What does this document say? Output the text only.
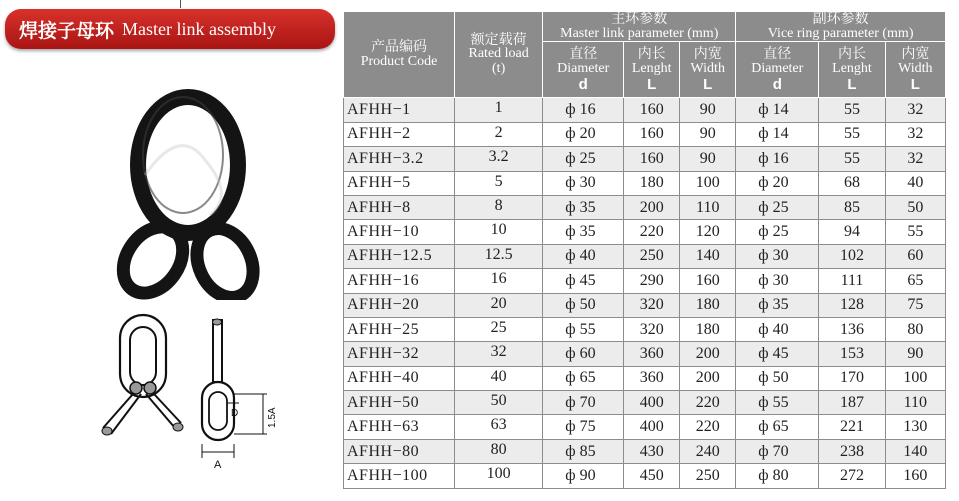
焊接子母环 Master link assembly
A
D	1.5A
产品编码
Product Code	额定载荷
Rated load
(t)	主环参数
Master link parameter (mm)			副环参数
Vice ring parameter (mm)		

		直径
Diameter
d	内长
Lenght
L	内宽
Width
L	直径
Diameter
d	内长
Lenght
L	内宽
Width
L

AFHH−1	1	ф 16	160	90	ф 14	55	32
AFHH−2	2	ф 20	160	90	ф 14	55	32
AFHH−3.2	3.2	ф 25	160	90	ф 16	55	32
AFHH−5	5	ф 30	180	100	ф 20	68	40
AFHH−8	8	ф 35	200	110	ф 25	85	50
AFHH−10	10	ф 35	220	120	ф 25	94	55
AFHH−12.5	12.5	ф 40	250	140	ф 30	102	60
AFHH−16	16	ф 45	290	160	ф 30	111	65
AFHH−20	20	ф 50	320	180	ф 35	128	75
AFHH−25	25	ф 55	320	180	ф 40	136	80
AFHH−32	32	ф 60	360	200	ф 45	153	90
AFHH−40	40	ф 65	360	200	ф 50	170	100
AFHH−50	50	ф 70	400	220	ф 55	187	110
AFHH−63	63	ф 75	400	220	ф 65	221	130
AFHH−80	80	ф 85	430	240	ф 70	238	140
AFHH−100	100	ф 90	450	250	ф 80	272	160
